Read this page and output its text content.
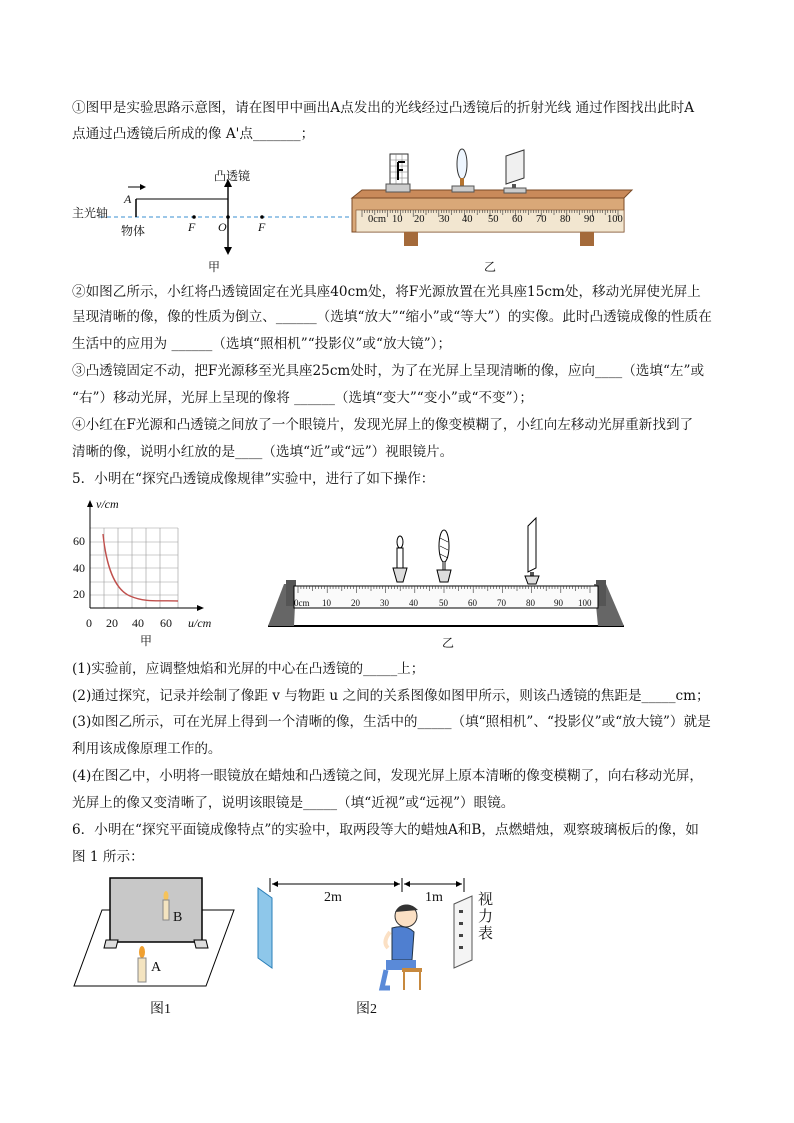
①图甲是实验思路示意图，请在图甲中画出A点发出的光线经过凸透镜后的折射光线 通过作图找出此时A
点通过凸透镜后所成的像 A'点_______；
凸透镜
主光轴
A
物体	F O	F
甲
0cm 10 20 30 40 50 60 70 80 90 100
乙
②如图乙所示，小红将凸透镜固定在光具座40cm处，将F光源放置在光具座15cm处，移动光屏使光屏上
呈现清晰的像，像的性质为倒立、______（选填“放大”“缩小”或“等大”）的实像。此时凸透镜成像的性质在
生活中的应用为 ______（选填“照相机”“投影仪”或“放大镜”）；
③凸透镜固定不动，把F光源移至光具座25cm处时，为了在光屏上呈现清晰的像，应向____（选填“左”或
“右”）移动光屏，光屏上呈现的像将 ______（选填“变大”“变小”或“不变”）；
④小红在F光源和凸透镜之间放了一个眼镜片，发现光屏上的像变模糊了，小红向左移动光屏重新找到了
清晰的像，说明小红放的是____（选填“近”或“远”）视眼镜片。
5．小明在“探究凸透镜成像规律”实验中，进行了如下操作：
v/cm
60
40
20
0 20 40 60 u/cm
甲
0cm 10 20 30 40 50 60 70 80 90 100
乙
(1)实验前，应调整烛焰和光屏的中心在凸透镜的_____上；
(2)通过探究，记录并绘制了像距 v 与物距 u 之间的关系图像如图甲所示，则该凸透镜的焦距是_____cm；
(3)如图乙所示，可在光屏上得到一个清晰的像，生活中的_____（填“照相机”、“投影仪”或“放大镜”）就是
利用该成像原理工作的。
(4)在图乙中，小明将一眼镜放在蜡烛和凸透镜之间，发现光屏上原本清晰的像变模糊了，向右移动光屏，
光屏上的像又变清晰了，说明该眼镜是_____（填“近视”或“远视”）眼镜。
6．小明在“探究平面镜成像特点”的实验中，取两段等大的蜡烛A和B，点燃蜡烛，观察玻璃板后的像，如
图 1 所示：
B
A
图1
2m	1m 视力表
图2
